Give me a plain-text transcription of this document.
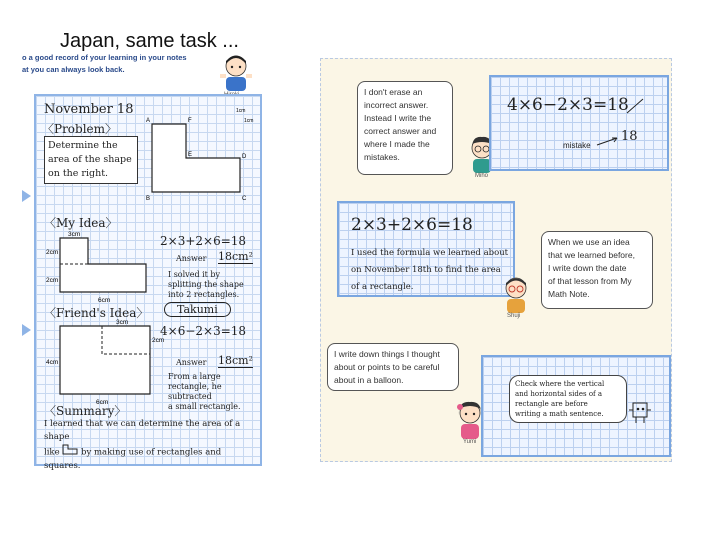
Japan, same task ...
o a good record of your learning in your notes
at you can always look back.
November 18
〈Problem〉
Determine the
area of the shape
on the right.
A	F
E	D
C
B
1cm
1cm
〈My Idea〉
3cm
2cm
2cm
6cm
2×3+2×6=18
Answer 18cm²
I solved it by
splitting the shape
into 2 rectangles.
〈Friend's Idea〉	Takumi
3cm
2cm
4cm
6cm
4×6−2×3=18
Answer 18cm²
From a large
rectangle, he subtracted
a small rectangle.
〈Summary〉
I learned that we can determine the area of a shape
like	by making use of rectangles and squares.
I don't erase an
incorrect answer.
Instead I write the
correct answer and
where I made the
mistakes.
Miho
4×6−2×3=18
mistake
18
2×3+2×6=18
I used the formula we learned about
on November 18th to find the area
of a rectangle.
Shuji
When we use an idea
that we learned before,
I write down the date
of that lesson from My
Math Note.
I write down things I thought
about or points to be careful
about in a balloon.
Yumi
Check where the vertical
and horizontal sides of a
rectangle are before
writing a math sentence.
